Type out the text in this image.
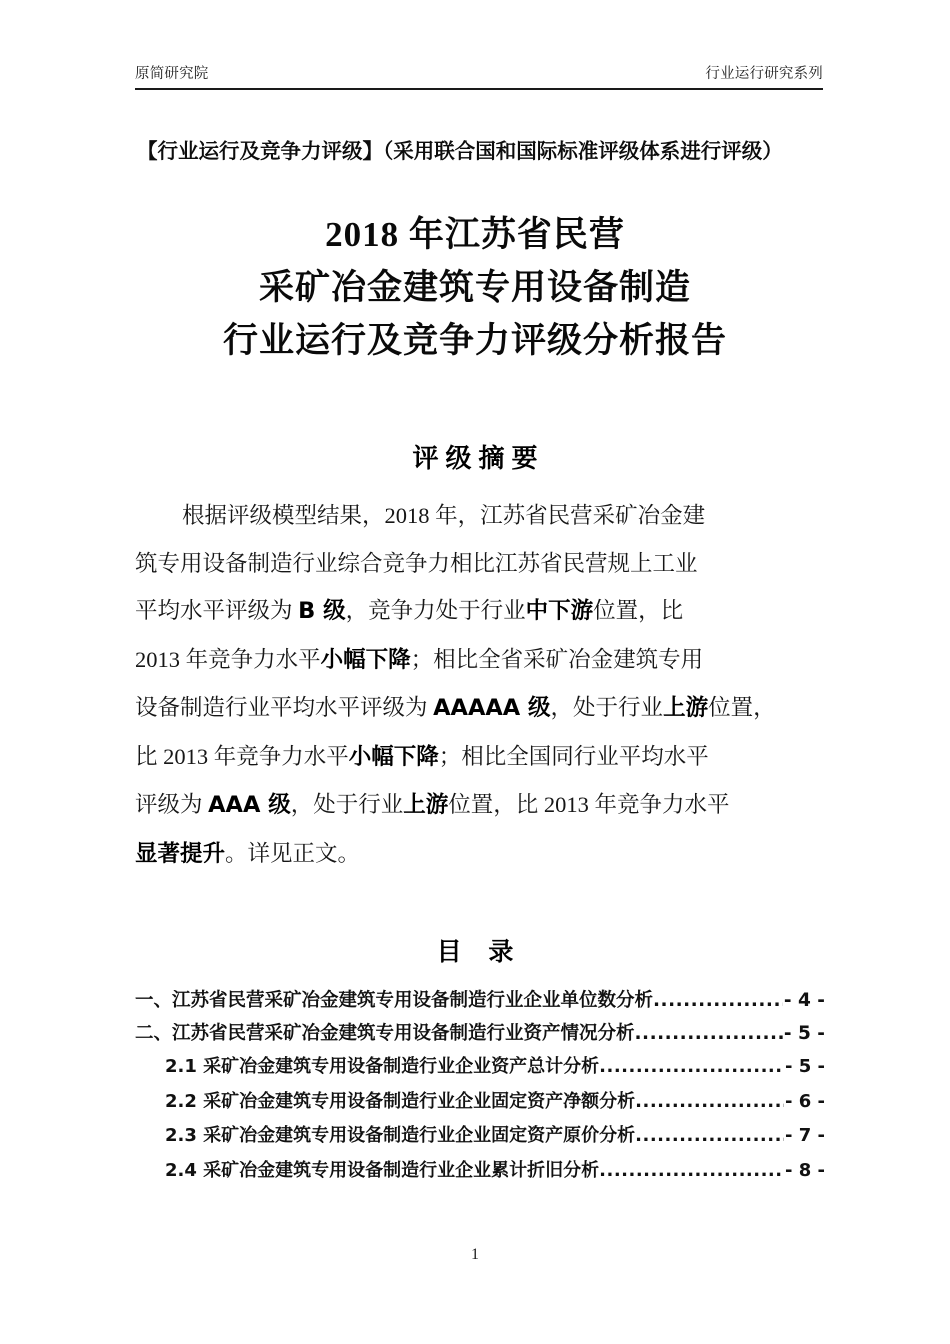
原简研究院	行业运行研究系列
【行业运行及竞争力评级】（采用联合国和国际标准评级体系进行评级）
2018 年江苏省民营
采矿冶金建筑专用设备制造
行业运行及竞争力评级分析报告
评级摘要
根据评级模型结果，2018 年，江苏省民营采矿冶金建
筑专用设备制造行业综合竞争力相比江苏省民营规上工业
平均水平评级为 B 级，竞争力处于行业中下游位置，比
2013 年竞争力水平小幅下降；相比全省采矿冶金建筑专用
设备制造行业平均水平评级为 AAAAA 级，处于行业上游位置，
比 2013 年竞争力水平小幅下降；相比全国同行业平均水平
评级为 AAA 级，处于行业上游位置，比 2013 年竞争力水平
显著提升。详见正文。
目 录
一、江苏省民营采矿冶金建筑专用设备制造行业企业单位数分析 .....	- 4 -
二、江苏省民营采矿冶金建筑专用设备制造行业资产情况分析 .....	- 5 -
2.1 采矿冶金建筑专用设备制造行业企业资产总计分析 .....	- 5 -
2.2 采矿冶金建筑专用设备制造行业企业固定资产净额分析 .....	- 6 -
2.3 采矿冶金建筑专用设备制造行业企业固定资产原价分析 .....	- 7 -
2.4 采矿冶金建筑专用设备制造行业企业累计折旧分析 .....	- 8 -
1
